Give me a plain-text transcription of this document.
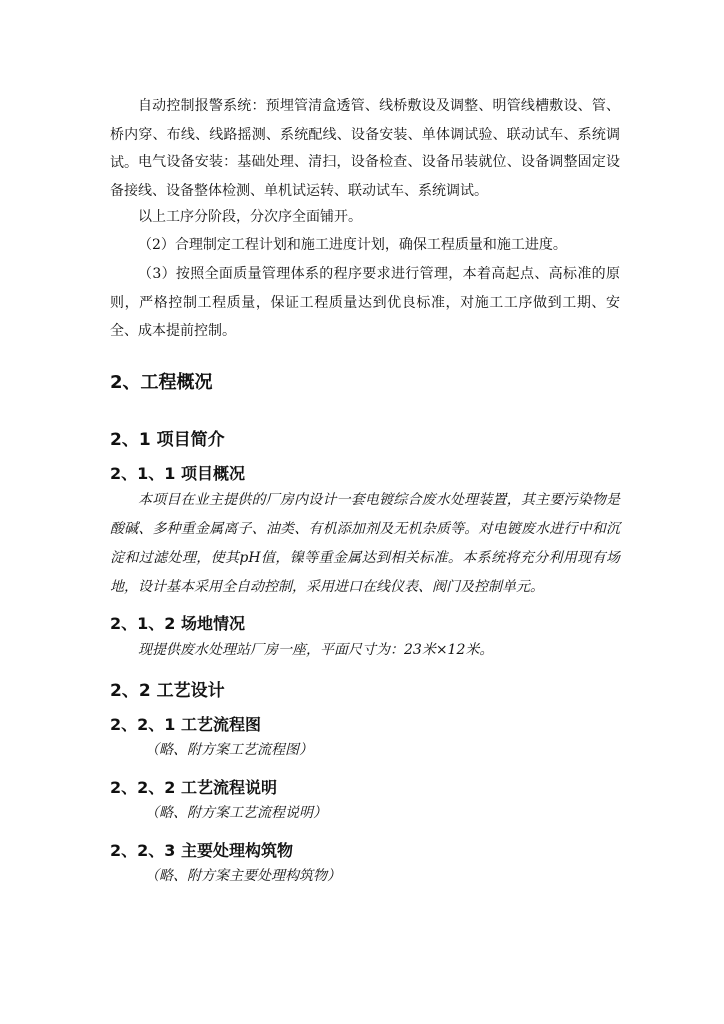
自动控制报警系统：预埋管清盒透管、线桥敷设及调整、明管线槽敷设、管、桥内穿、布线、线路摇测、系统配线、设备安装、单体调试验、联动试车、系统调试。 电气设备安装：基础处理、清扫，设备检查、设备吊装就位、设备调整固定设备接线、设备整体检测、单机试运转、联动试车、系统调试。

以上工序分阶段，分次序全面铺开。

（2）合理制定工程计划和施工进度计划，确保工程质量和施工进度。

（3）按照全面质量管理体系的程序要求进行管理，本着高起点、高标准的原则，严格控制工程质量，保证工程质量达到优良标准，对施工工序做到工期、安全、成本提前控制。

2、工程概况
2、1 项目简介
2、1、1 项目概况

本项目在业主提供的厂房内设计一套电镀综合废水处理装置，其主要污染物是酸碱、多种重金属离子、油类、有机添加剂及无机杂质等。对电镀废水进行中和沉淀和过滤处理，使其pH值，镍等重金属达到相关标准。本系统将充分利用现有场地，设计基本采用全自动控制，采用进口在线仪表、阀门及控制单元。

2、1、2 场地情况

现提供废水处理站厂房一座，平面尺寸为：23米×12米。

2、2 工艺设计
2、2、1 工艺流程图

（略、附方案工艺流程图）

2、2、2 工艺流程说明

（略、附方案工艺流程说明）

2、2、3 主要处理构筑物

（略、附方案主要处理构筑物）
